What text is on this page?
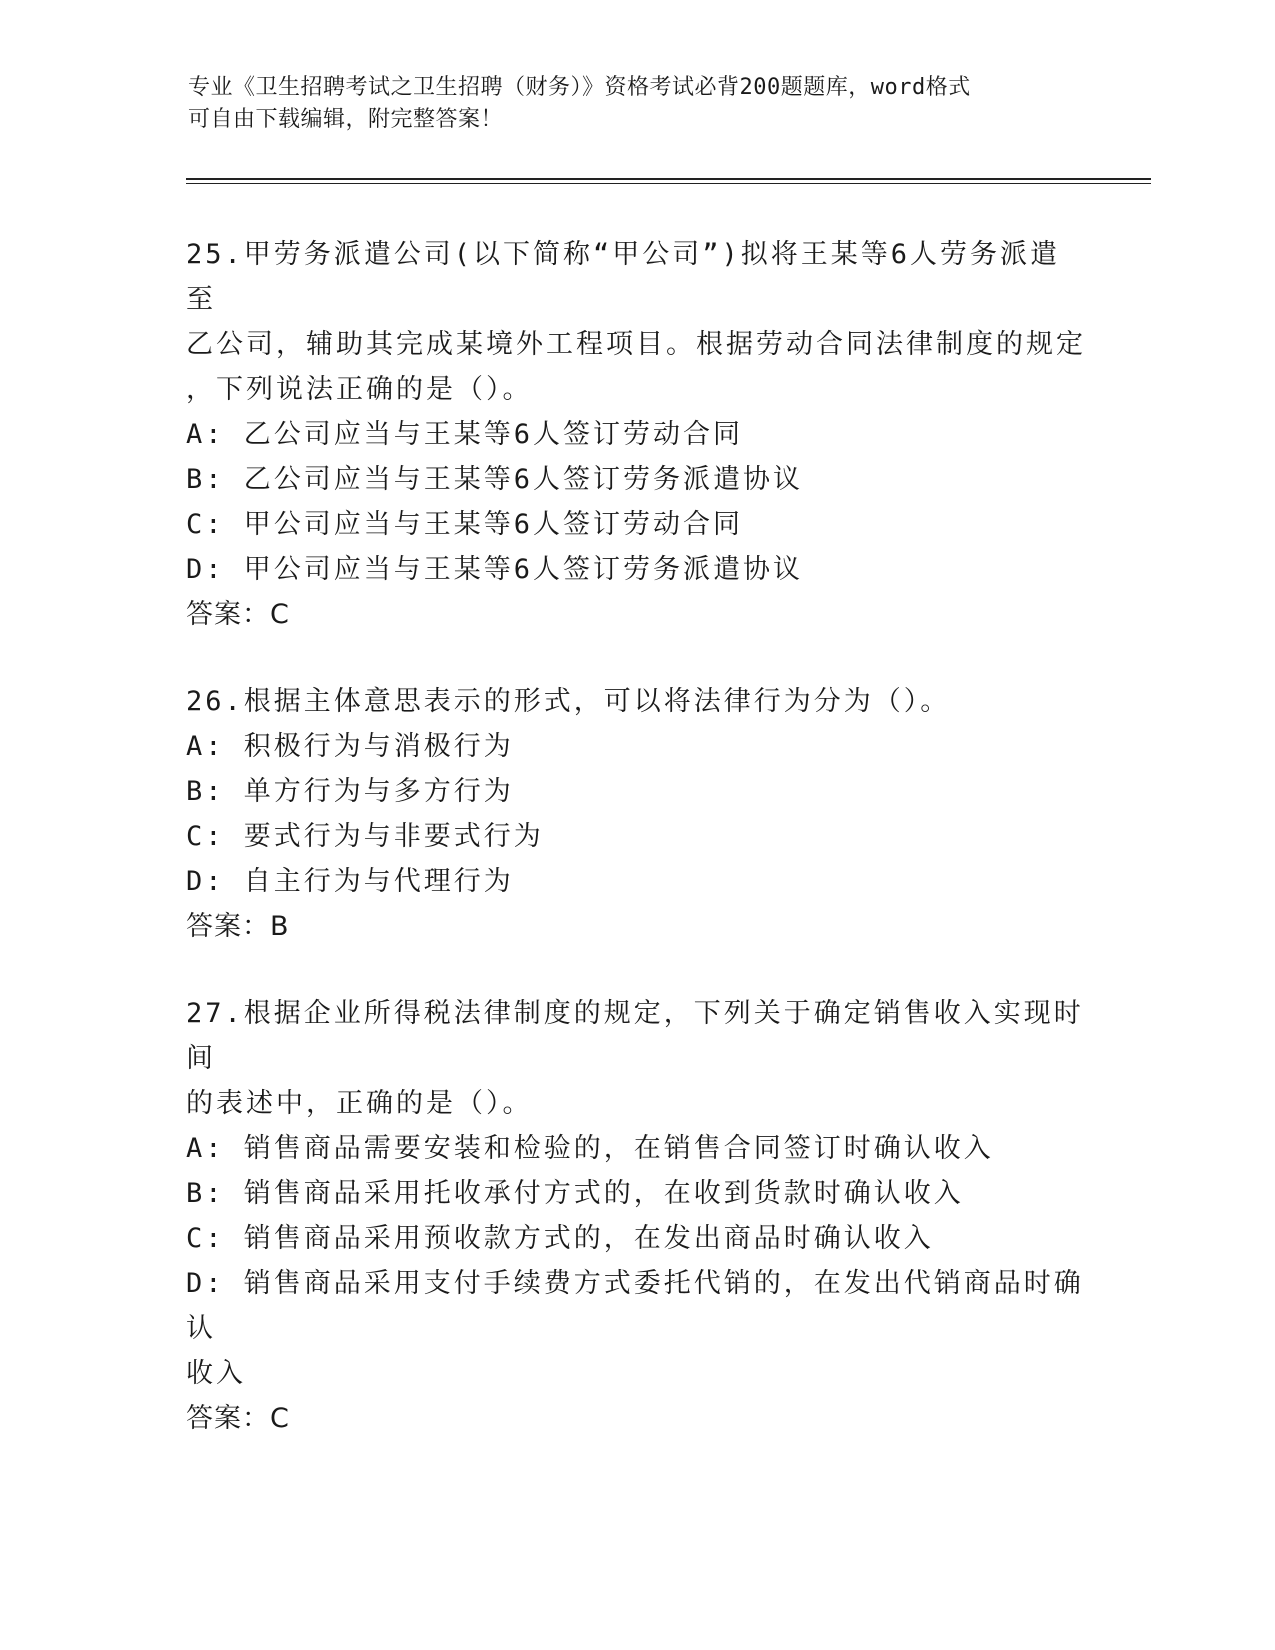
专业《卫生招聘考试之卫生招聘（财务）》资格考试必背200题题库，word格式
可自由下载编辑，附完整答案！
25.甲劳务派遣公司(以下简称“甲公司”)拟将王某等6人劳务派遣至
乙公司，辅助其完成某境外工程项目。根据劳动合同法律制度的规定
，下列说法正确的是（）。
A: 乙公司应当与王某等6人签订劳动合同
B: 乙公司应当与王某等6人签订劳务派遣协议
C: 甲公司应当与王某等6人签订劳动合同
D: 甲公司应当与王某等6人签订劳务派遣协议
答案：C
26.根据主体意思表示的形式，可以将法律行为分为（）。
A: 积极行为与消极行为
B: 单方行为与多方行为
C: 要式行为与非要式行为
D: 自主行为与代理行为
答案：B
27.根据企业所得税法律制度的规定，下列关于确定销售收入实现时间
的表述中，正确的是（）。
A: 销售商品需要安装和检验的，在销售合同签订时确认收入
B: 销售商品采用托收承付方式的，在收到货款时确认收入
C: 销售商品采用预收款方式的，在发出商品时确认收入
D: 销售商品采用支付手续费方式委托代销的，在发出代销商品时确认
收入
答案：C
